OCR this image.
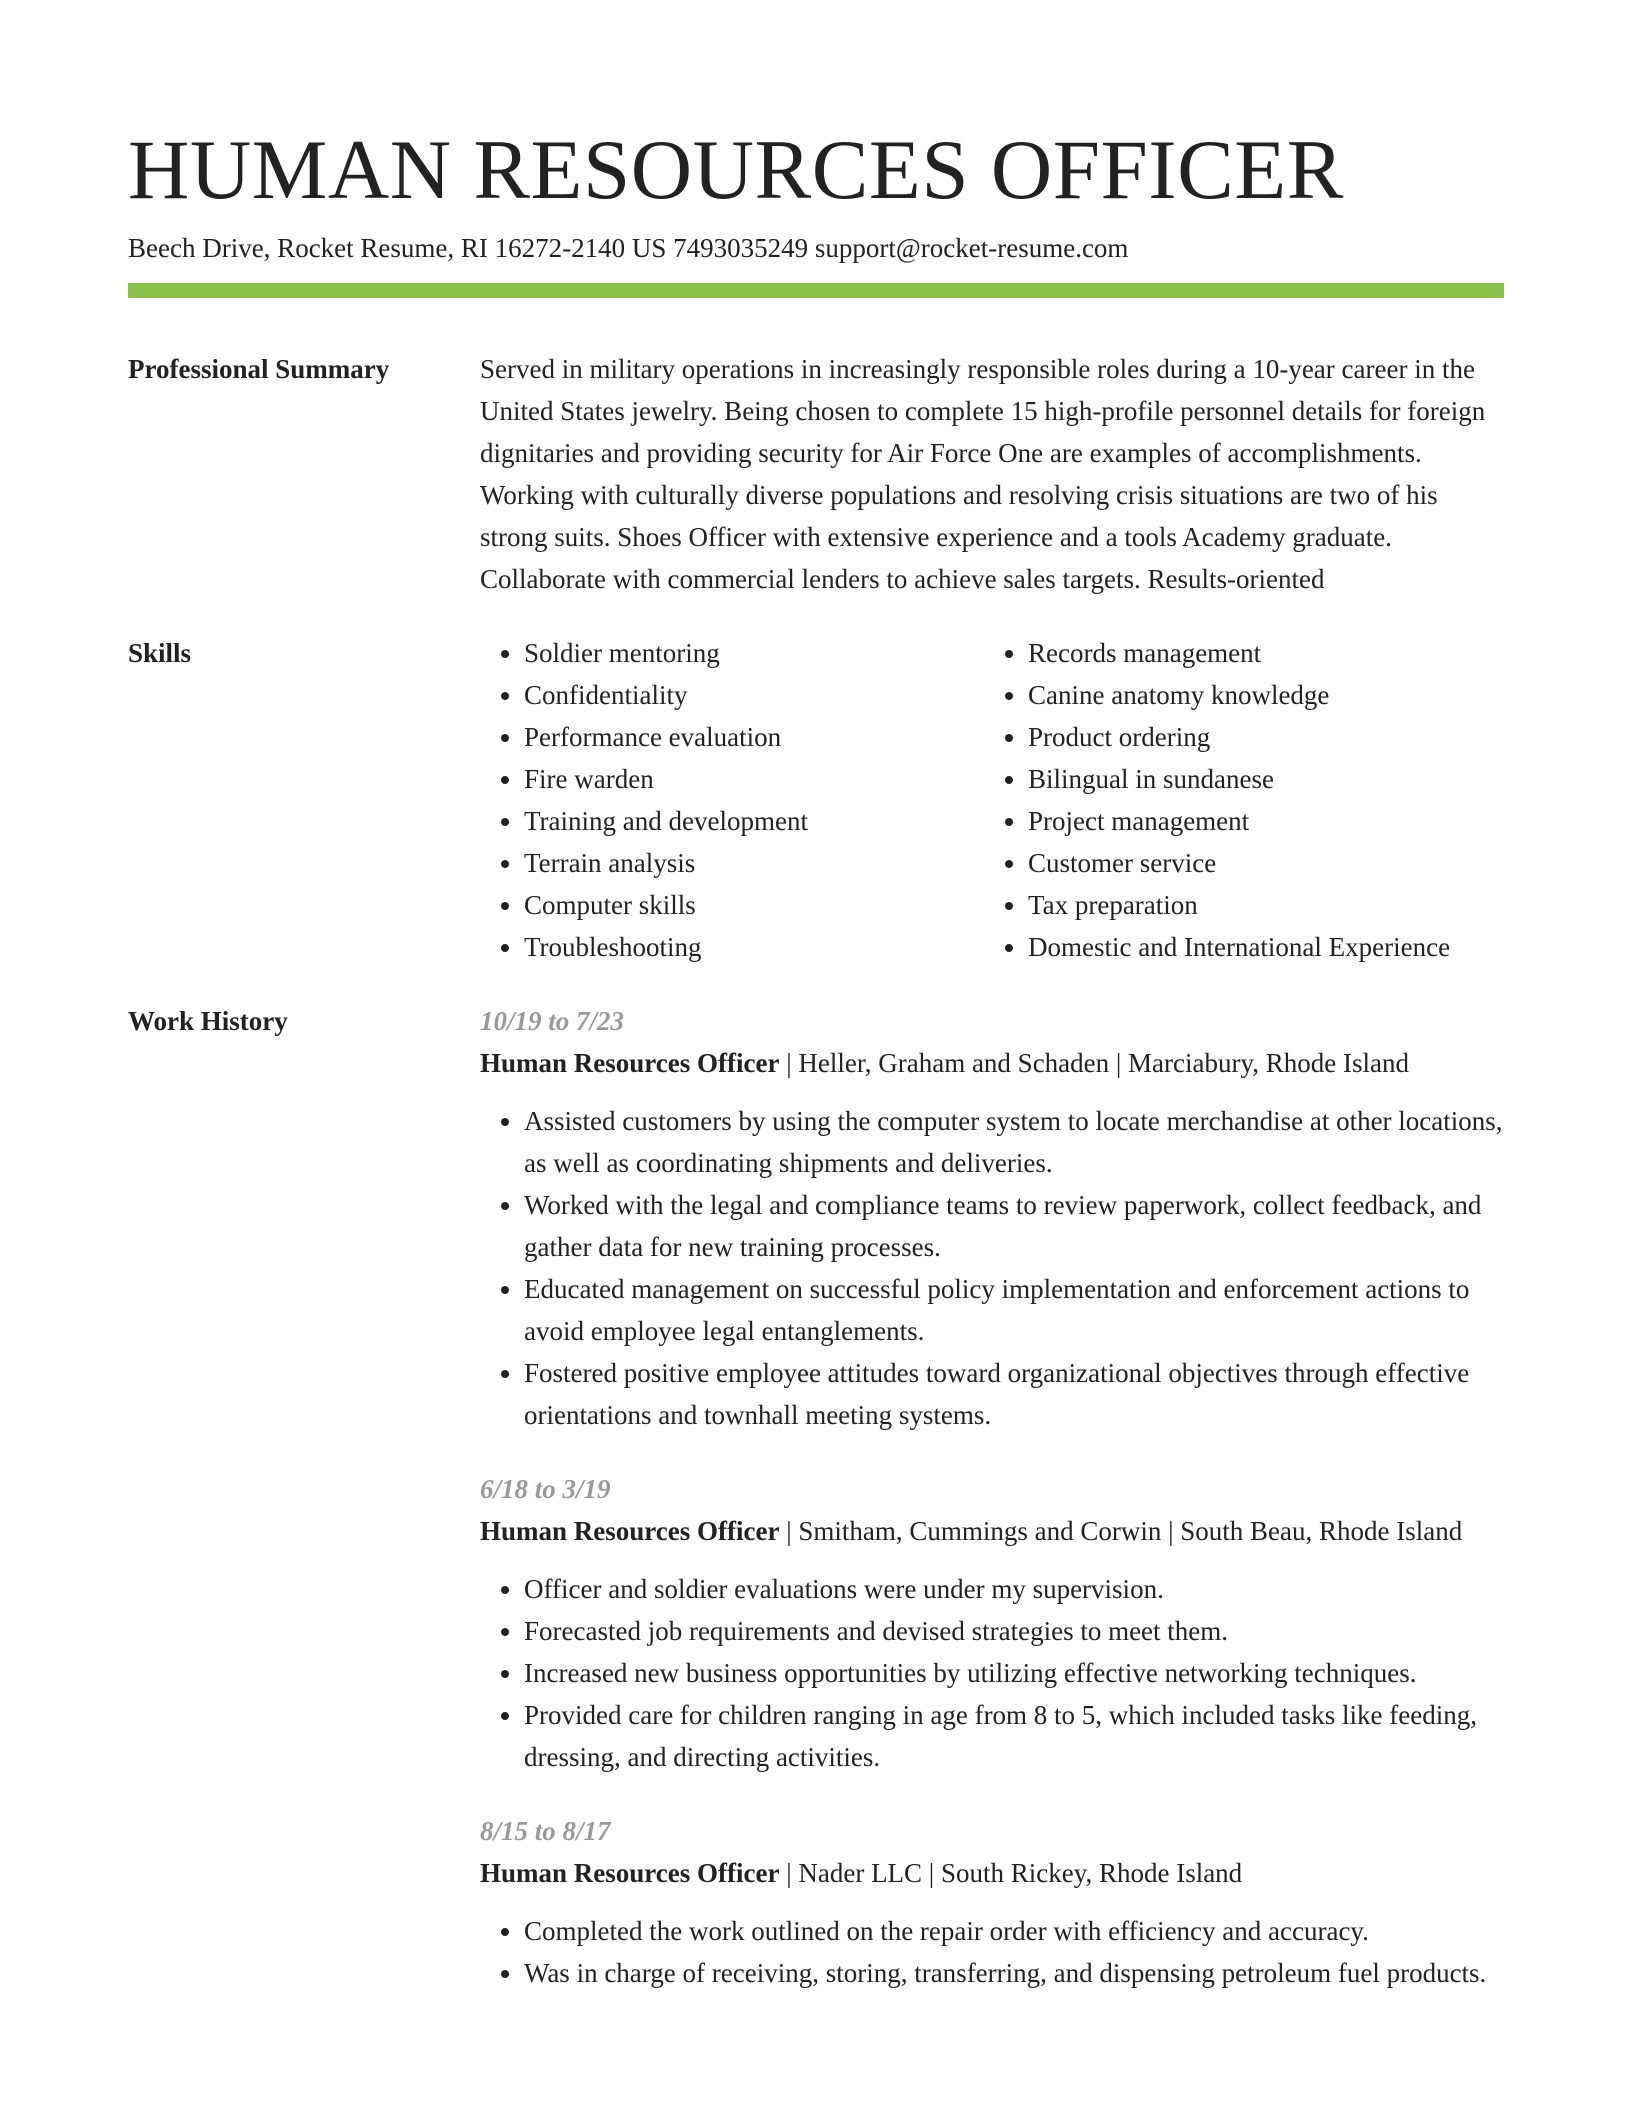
HUMAN RESOURCES OFFICER
Beech Drive, Rocket Resume, RI 16272-2140 US 7493035249 support@rocket-resume.com
Professional Summary	Served in military operations in increasingly responsible roles during a 10-year career in the United States jewelry. Being chosen to complete 15 high-profile personnel details for foreign dignitaries and providing security for Air Force One are examples of accomplishments. Working with culturally diverse populations and resolving crisis situations are two of his strong suits. Shoes Officer with extensive experience and a tools Academy graduate. Collaborate with commercial lenders to achieve sales targets. Results-oriented

Skills
•	Soldier mentoring
• Confidentiality
• Performance evaluation
• Fire warden
• Training and development
• Terrain analysis
• Computer skills
• Troubleshooting
• Records management
• Canine anatomy knowledge
• Product ordering
• Bilingual in sundanese
• Project management
• Customer service
• Tax preparation
• Domestic and International Experience
Work History	10/19 to 7/23
Human Resources Officer | Heller, Graham and Schaden | Marciabury, Rhode Island
• Assisted customers by using the computer system to locate merchandise at other locations, as well as coordinating shipments and deliveries.
• Worked with the legal and compliance teams to review paperwork, collect feedback, and gather data for new training processes.
• Educated management on successful policy implementation and enforcement actions to avoid employee legal entanglements.
• Fostered positive employee attitudes toward organizational objectives through effective orientations and townhall meeting systems.
6/18 to 3/19
Human Resources Officer | Smitham, Cummings and Corwin | South Beau, Rhode Island
• Officer and soldier evaluations were under my supervision.
• Forecasted job requirements and devised strategies to meet them.
• Increased new business opportunities by utilizing effective networking techniques.
• Provided care for children ranging in age from 8 to 5, which included tasks like feeding, dressing, and directing activities.
8/15 to 8/17
Human Resources Officer | Nader LLC | South Rickey, Rhode Island
• Completed the work outlined on the repair order with efficiency and accuracy.
• Was in charge of receiving, storing, transferring, and dispensing petroleum fuel products.
